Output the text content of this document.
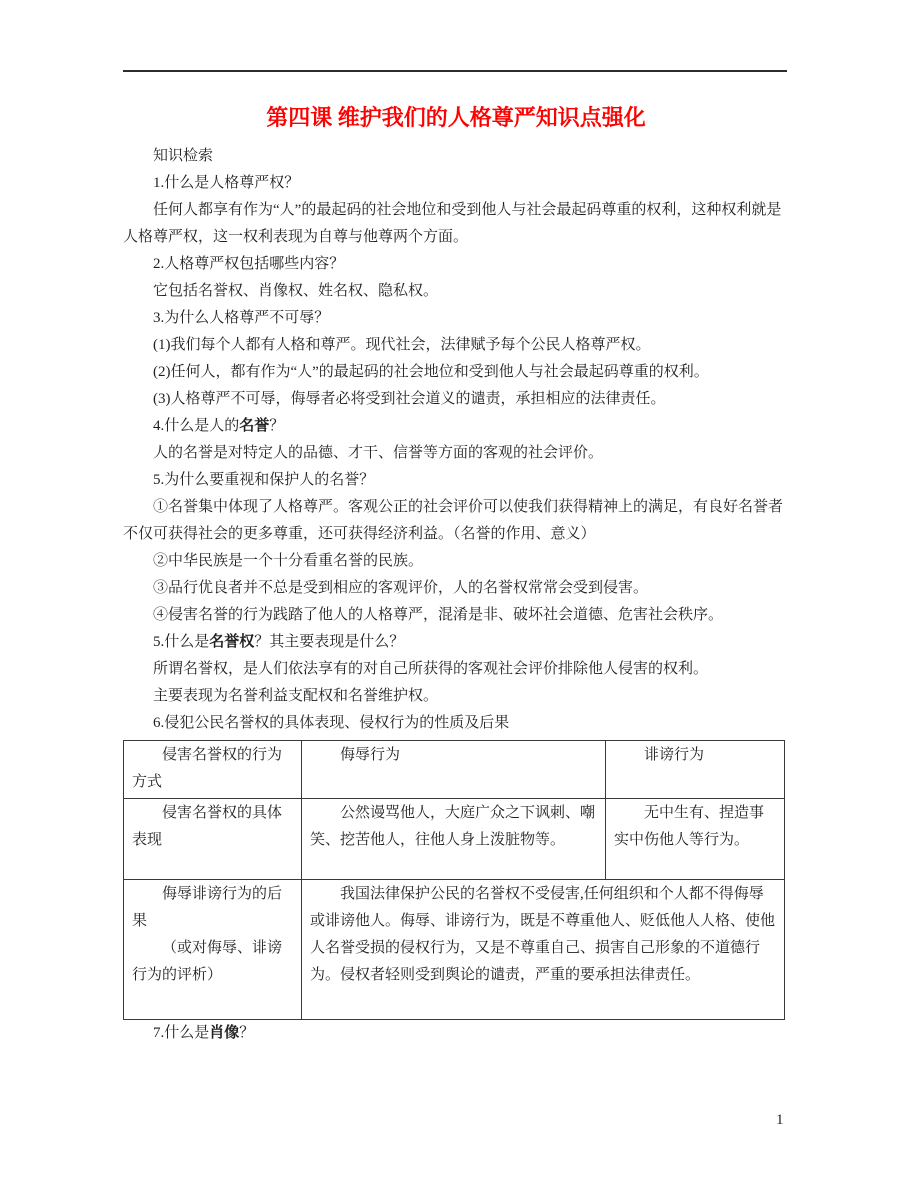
第四课 维护我们的人格尊严知识点强化

知识检索

1.什么是人格尊严权？

任何人都享有作为“人”的最起码的社会地位和受到他人与社会最起码尊重的权利，这种权利就是人格尊严权，这一权利表现为自尊与他尊两个方面。

2.人格尊严权包括哪些内容？

它包括名誉权、肖像权、姓名权、隐私权。

3.为什么人格尊严不可辱？

(1)我们每个人都有人格和尊严。现代社会，法律赋予每个公民人格尊严权。

(2)任何人，都有作为“人”的最起码的社会地位和受到他人与社会最起码尊重的权利。

(3)人格尊严不可辱，侮辱者必将受到社会道义的谴责，承担相应的法律责任。

4.什么是人的名誉？

人的名誉是对特定人的品德、才干、信誉等方面的客观的社会评价。

5.为什么要重视和保护人的名誉？

①名誉集中体现了人格尊严。客观公正的社会评价可以使我们获得精神上的满足，有良好名誉者不仅可获得社会的更多尊重，还可获得经济利益。（名誉的作用、意义）

②中华民族是一个十分看重名誉的民族。

③品行优良者并不总是受到相应的客观评价，人的名誉权常常会受到侵害。

④侵害名誉的行为践踏了他人的人格尊严，混淆是非、破坏社会道德、危害社会秩序。

5.什么是名誉权？其主要表现是什么？

所谓名誉权，是人们依法享有的对自己所获得的客观社会评价排除他人侵害的权利。

主要表现为名誉利益支配权和名誉维护权。

6.侵犯公民名誉权的具体表现、侵权行为的性质及后果

侵害名誉权的行为方式	侮辱行为	诽谤行为

侵害名誉权的具体表现	公然谩骂他人，大庭广众之下讽刺、嘲笑、挖苦他人，往他人身上泼脏物等。	无中生有、捏造事实中伤他人等行为。

侮辱诽谤行为的后果

（或对侮辱、诽谤行为的评析）	我国法律保护公民的名誉权不受侵害,任何组织和个人都不得侮辱或诽谤他人。侮辱、诽谤行为，既是不尊重他人、贬低他人人格、使他人名誉受损的侵权行为，又是不尊重自己、损害自己形象的不道德行为。侵权者轻则受到舆论的谴责，严重的要承担法律责任。	

7.什么是肖像？

1
